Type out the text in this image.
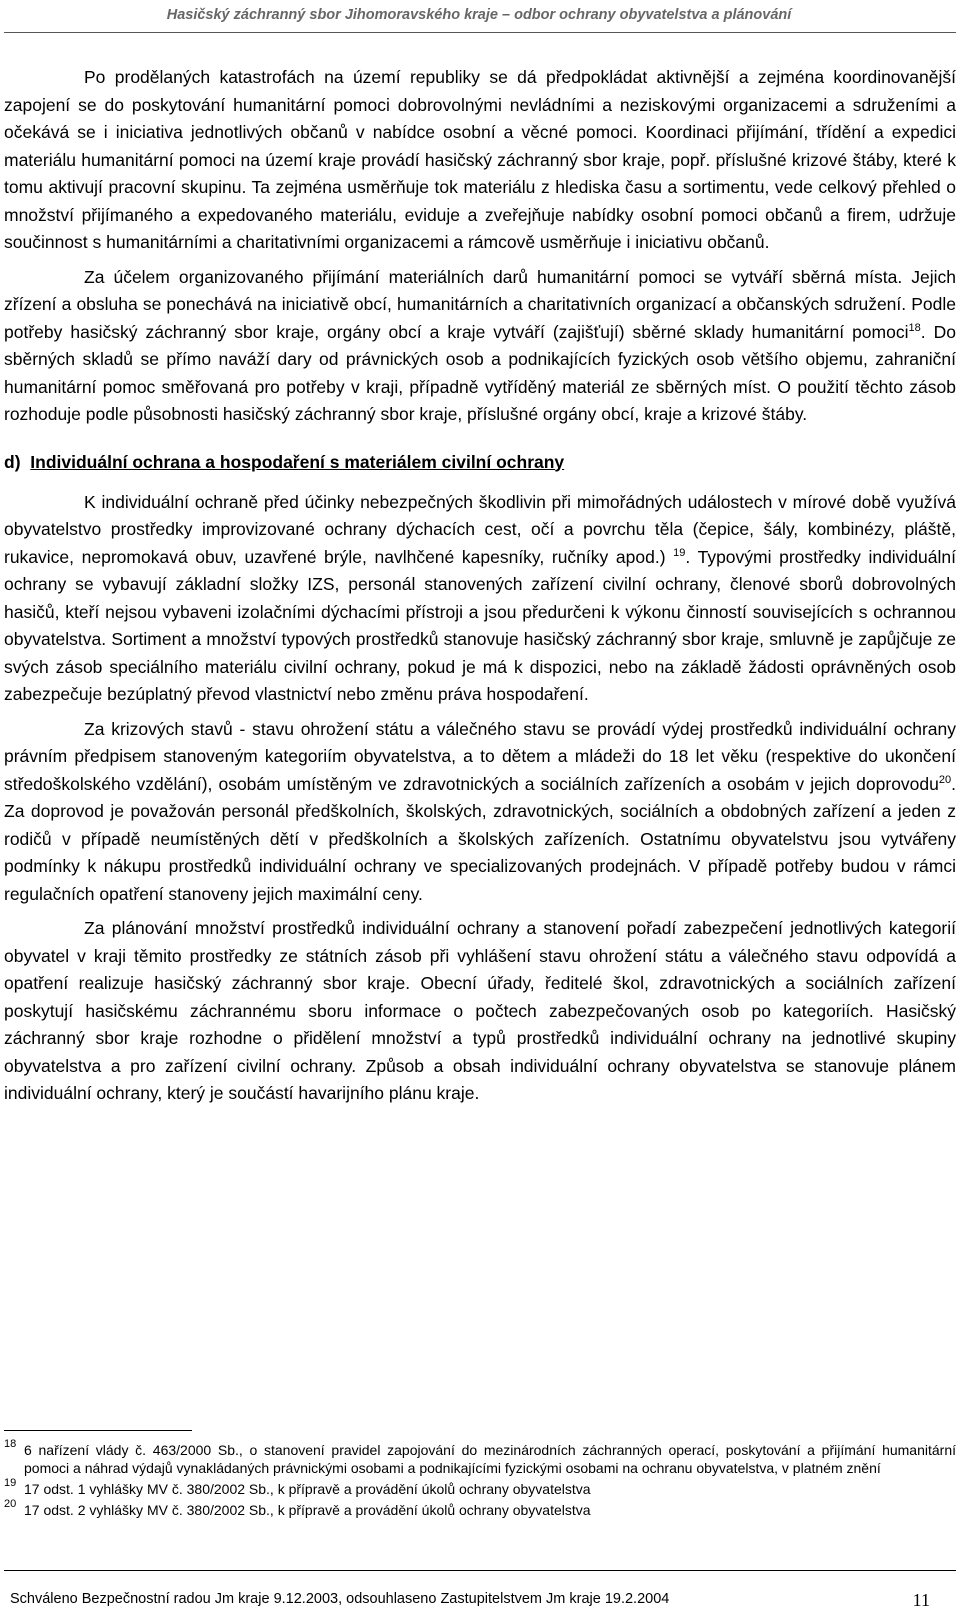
Hasičský záchranný sbor Jihomoravského kraje – odbor ochrany obyvatelstva a plánování

Po prodělaných katastrofách na území republiky se dá předpokládat aktivnější a zejména koordinovanější zapojení se do poskytování humanitární pomoci dobrovolnými nevládními a neziskovými organizacemi a sdruženími a očekává se i iniciativa jednotlivých občanů v nabídce osobní a věcné pomoci. Koordinaci přijímání, třídění a expedici materiálu humanitární pomoci na území kraje provádí hasičský záchranný sbor kraje, popř. příslušné krizové štáby, které k tomu aktivují pracovní skupinu. Ta zejména usměrňuje tok materiálu z hlediska času a sortimentu, vede celkový přehled o množství přijímaného a expedovaného materiálu, eviduje a zveřejňuje nabídky osobní pomoci občanů a firem, udržuje součinnost s humanitárními a charitativními organizacemi a rámcově usměrňuje i iniciativu občanů.

Za účelem organizovaného přijímání materiálních darů humanitární pomoci se vytváří sběrná místa. Jejich zřízení a obsluha se ponechává na iniciativě obcí, humanitárních a charitativních organizací a občanských sdružení. Podle potřeby hasičský záchranný sbor kraje, orgány obcí a kraje vytváří (zajišťují) sběrné sklady humanitární pomoci$^{18}$. Do sběrných skladů se přímo naváží dary od právnických osob a podnikajících fyzických osob většího objemu, zahraniční humanitární pomoc směřovaná pro potřeby v kraji, případně vytříděný materiál ze sběrných míst. O použití těchto zásob rozhoduje podle působnosti hasičský záchranný sbor kraje, příslušné orgány obcí, kraje a krizové štáby.

d) Individuální ochrana a hospodaření s materiálem civilní ochrany

K individuální ochraně před účinky nebezpečných škodlivin při mimořádných událostech v mírové době využívá obyvatelstvo prostředky improvizované ochrany dýchacích cest, očí a povrchu těla (čepice, šály, kombinézy, pláště, rukavice, nepromokavá obuv, uzavřené brýle, navlhčené kapesníky, ručníky apod.) $^{19}$. Typovými prostředky individuální ochrany se vybavují základní složky IZS, personál stanovených zařízení civilní ochrany, členové sborů dobrovolných hasičů, kteří nejsou vybaveni izolačními dýchacími přístroji a jsou předurčeni k výkonu činností souvisejících s ochrannou obyvatelstva. Sortiment a množství typových prostředků stanovuje hasičský záchranný sbor kraje, smluvně je zapůjčuje ze svých zásob speciálního materiálu civilní ochrany, pokud je má k dispozici, nebo na základě žádosti oprávněných osob zabezpečuje bezúplatný převod vlastnictví nebo změnu práva hospodaření.

Za krizových stavů - stavu ohrožení státu a válečného stavu se provádí výdej prostředků individuální ochrany právním předpisem stanoveným kategoriím obyvatelstva, a to dětem a mládeži do 18 let věku (respektive do ukončení středoškolského vzdělání), osobám umístěným ve zdravotnických a sociálních zařízeních a osobám v jejich doprovodu$^{20}$. Za doprovod je považován personál předškolních, školských, zdravotnických, sociálních a obdobných zařízení a jeden z rodičů v případě neumístěných dětí v předškolních a školských zařízeních. Ostatnímu obyvatelstvu jsou vytvářeny podmínky k nákupu prostředků individuální ochrany ve specializovaných prodejnách. V případě potřeby budou v rámci regulačních opatření stanoveny jejich maximální ceny.

Za plánování množství prostředků individuální ochrany a stanovení pořadí zabezpečení jednotlivých kategorií obyvatel v kraji těmito prostředky ze státních zásob při vyhlášení stavu ohrožení státu a válečného stavu odpovídá a opatření realizuje hasičský záchranný sbor kraje. Obecní úřady, ředitelé škol, zdravotnických a sociálních zařízení poskytují hasičskému záchrannému sboru informace o počtech zabezpečovaných osob po kategoriích. Hasičský záchranný sbor kraje rozhodne o přidělení množství a typů prostředků individuální ochrany na jednotlivé skupiny obyvatelstva a pro zařízení civilní ochrany. Způsob a obsah individuální ochrany obyvatelstva se stanovuje plánem individuální ochrany, který je součástí havarijního plánu kraje.

18 6 nařízení vlády č. 463/2000 Sb., o stanovení pravidel zapojování do mezinárodních záchranných operací, poskytování a přijímání humanitární pomoci a náhrad výdajů vynakládaných právnickými osobami a podnikajícími fyzickými osobami na ochranu obyvatelstva, v platném znění
19 17 odst. 1 vyhlášky MV č. 380/2002 Sb., k přípravě a provádění úkolů ochrany obyvatelstva
20 17 odst. 2 vyhlášky MV č. 380/2002 Sb., k přípravě a provádění úkolů ochrany obyvatelstva
Schváleno Bezpečnostní radou Jm kraje 9.12.2003, odsouhlaseno Zastupitelstvem Jm kraje 19.2.2004	11
